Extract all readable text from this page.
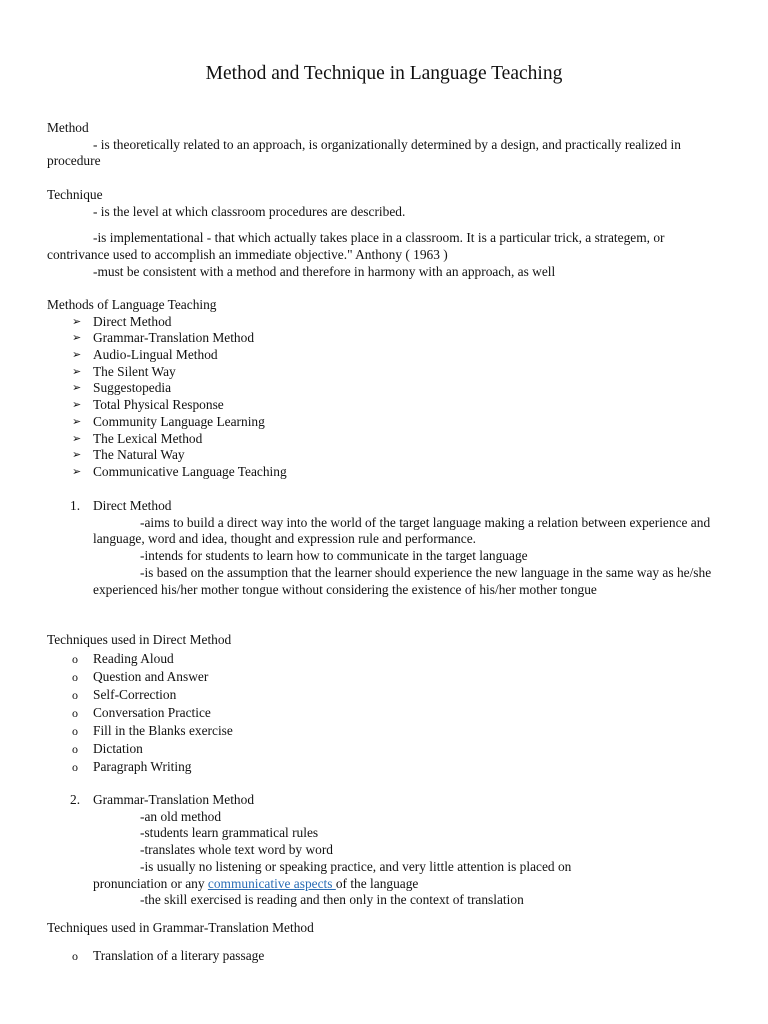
Method and Technique in Language Teaching
Method
- is theoretically related to an approach, is organizationally determined by a design, and practically realized in procedure
Technique
- is the level at which classroom procedures are described.
-is implementational - that which actually takes place in a classroom. It is a particular trick, a strategem, or contrivance used to accomplish an immediate objective." Anthony ( 1963 )
-must be consistent with a method and therefore in harmony with an approach, as well
Methods of Language Teaching
➢ Direct Method
➢ Grammar-Translation Method
➢ Audio-Lingual Method
➢ The Silent Way
➢ Suggestopedia
➢ Total Physical Response
➢ Community Language Learning
➢ The Lexical Method
➢ The Natural Way
➢ Communicative Language Teaching
1. Direct Method
-aims to build a direct way into the world of the target language making a relation between experience and language, word and idea, thought and expression rule and performance.
-intends for students to learn how to communicate in the target language
-is based on the assumption that the learner should experience the new language in the same way as he/she experienced his/her mother tongue without considering the existence of his/her mother tongue
Techniques used in Direct Method
o Reading Aloud
o Question and Answer
o Self-Correction
o Conversation Practice
o Fill in the Blanks exercise
o Dictation
o Paragraph Writing
2. Grammar-Translation Method
-an old method
-students learn grammatical rules
-translates whole text word by word
-is usually no listening or speaking practice, and very little attention is placed on
pronunciation or any communicative aspects of the language
-the skill exercised is reading and then only in the context of translation
Techniques used in Grammar-Translation Method
o Translation of a literary passage
